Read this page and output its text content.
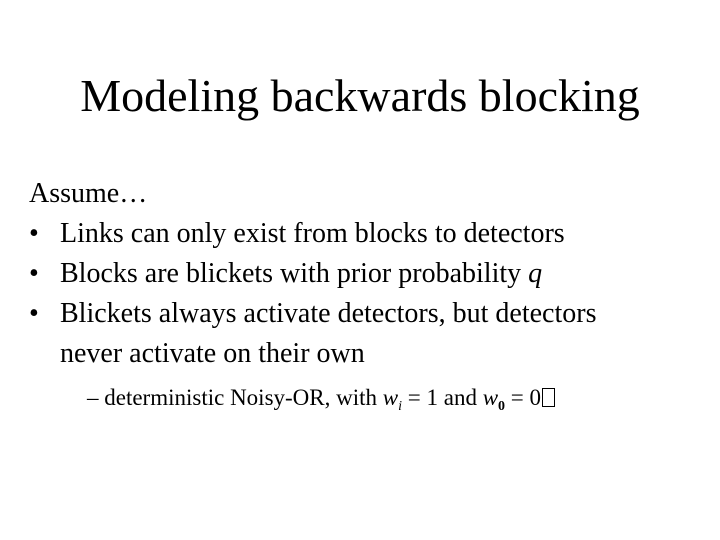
Modeling backwards blocking
Assume…
• Links can only exist from blocks to detectors
• Blocks are blickets with prior probability q
• Blickets always activate detectors, but detectors
never activate on their own
– deterministic Noisy-OR, with $w_i = 1$ and $w_0 = 0$
